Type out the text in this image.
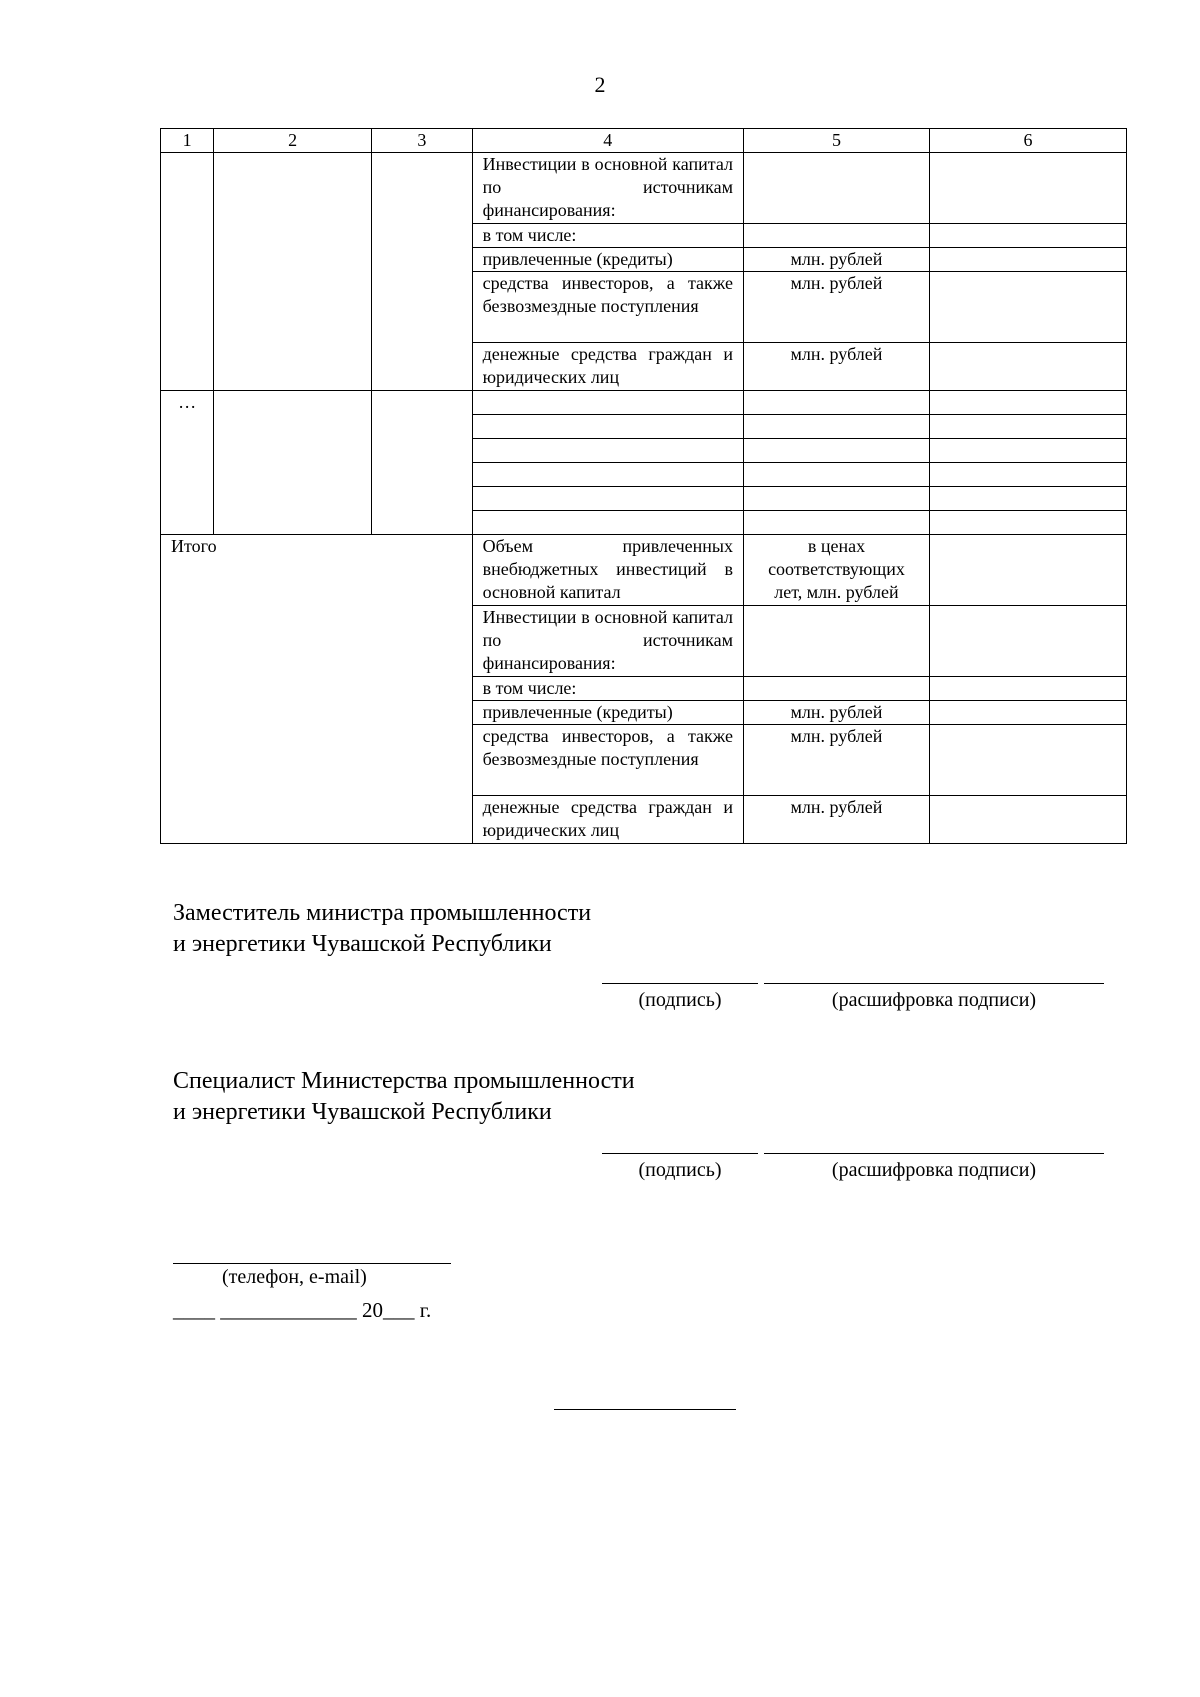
2
1	2	3	4	5	6
			Инвестиции в основной капитал по источникам финансирования:		
			в том числе:		
			привлеченные (кредиты)	млн. рублей	
			средства инвесторов, а также безвозмездные поступления	млн. рублей	
			денежные средства граждан и юридических лиц	млн. рублей	
…					

Итого			Объем привлеченных внебюджетных инвестиций в основной капитал	в ценах соответствующих лет, млн. рублей	
			Инвестиции в основной капитал по источникам финансирования:		
			в том числе:		
			привлеченные (кредиты)	млн. рублей	
			средства инвесторов, а также безвозмездные поступления	млн. рублей	
			денежные средства граждан и юридических лиц	млн. рублей	
Заместитель министра промышленности
и энергетики Чувашской Республики
(подпись)	(расшифровка подписи)
Специалист Министерства промышленности
и энергетики Чувашской Республики
(подпись)	(расшифровка подписи)
(телефон, e-mail)
____ _____________ 20___ г.
